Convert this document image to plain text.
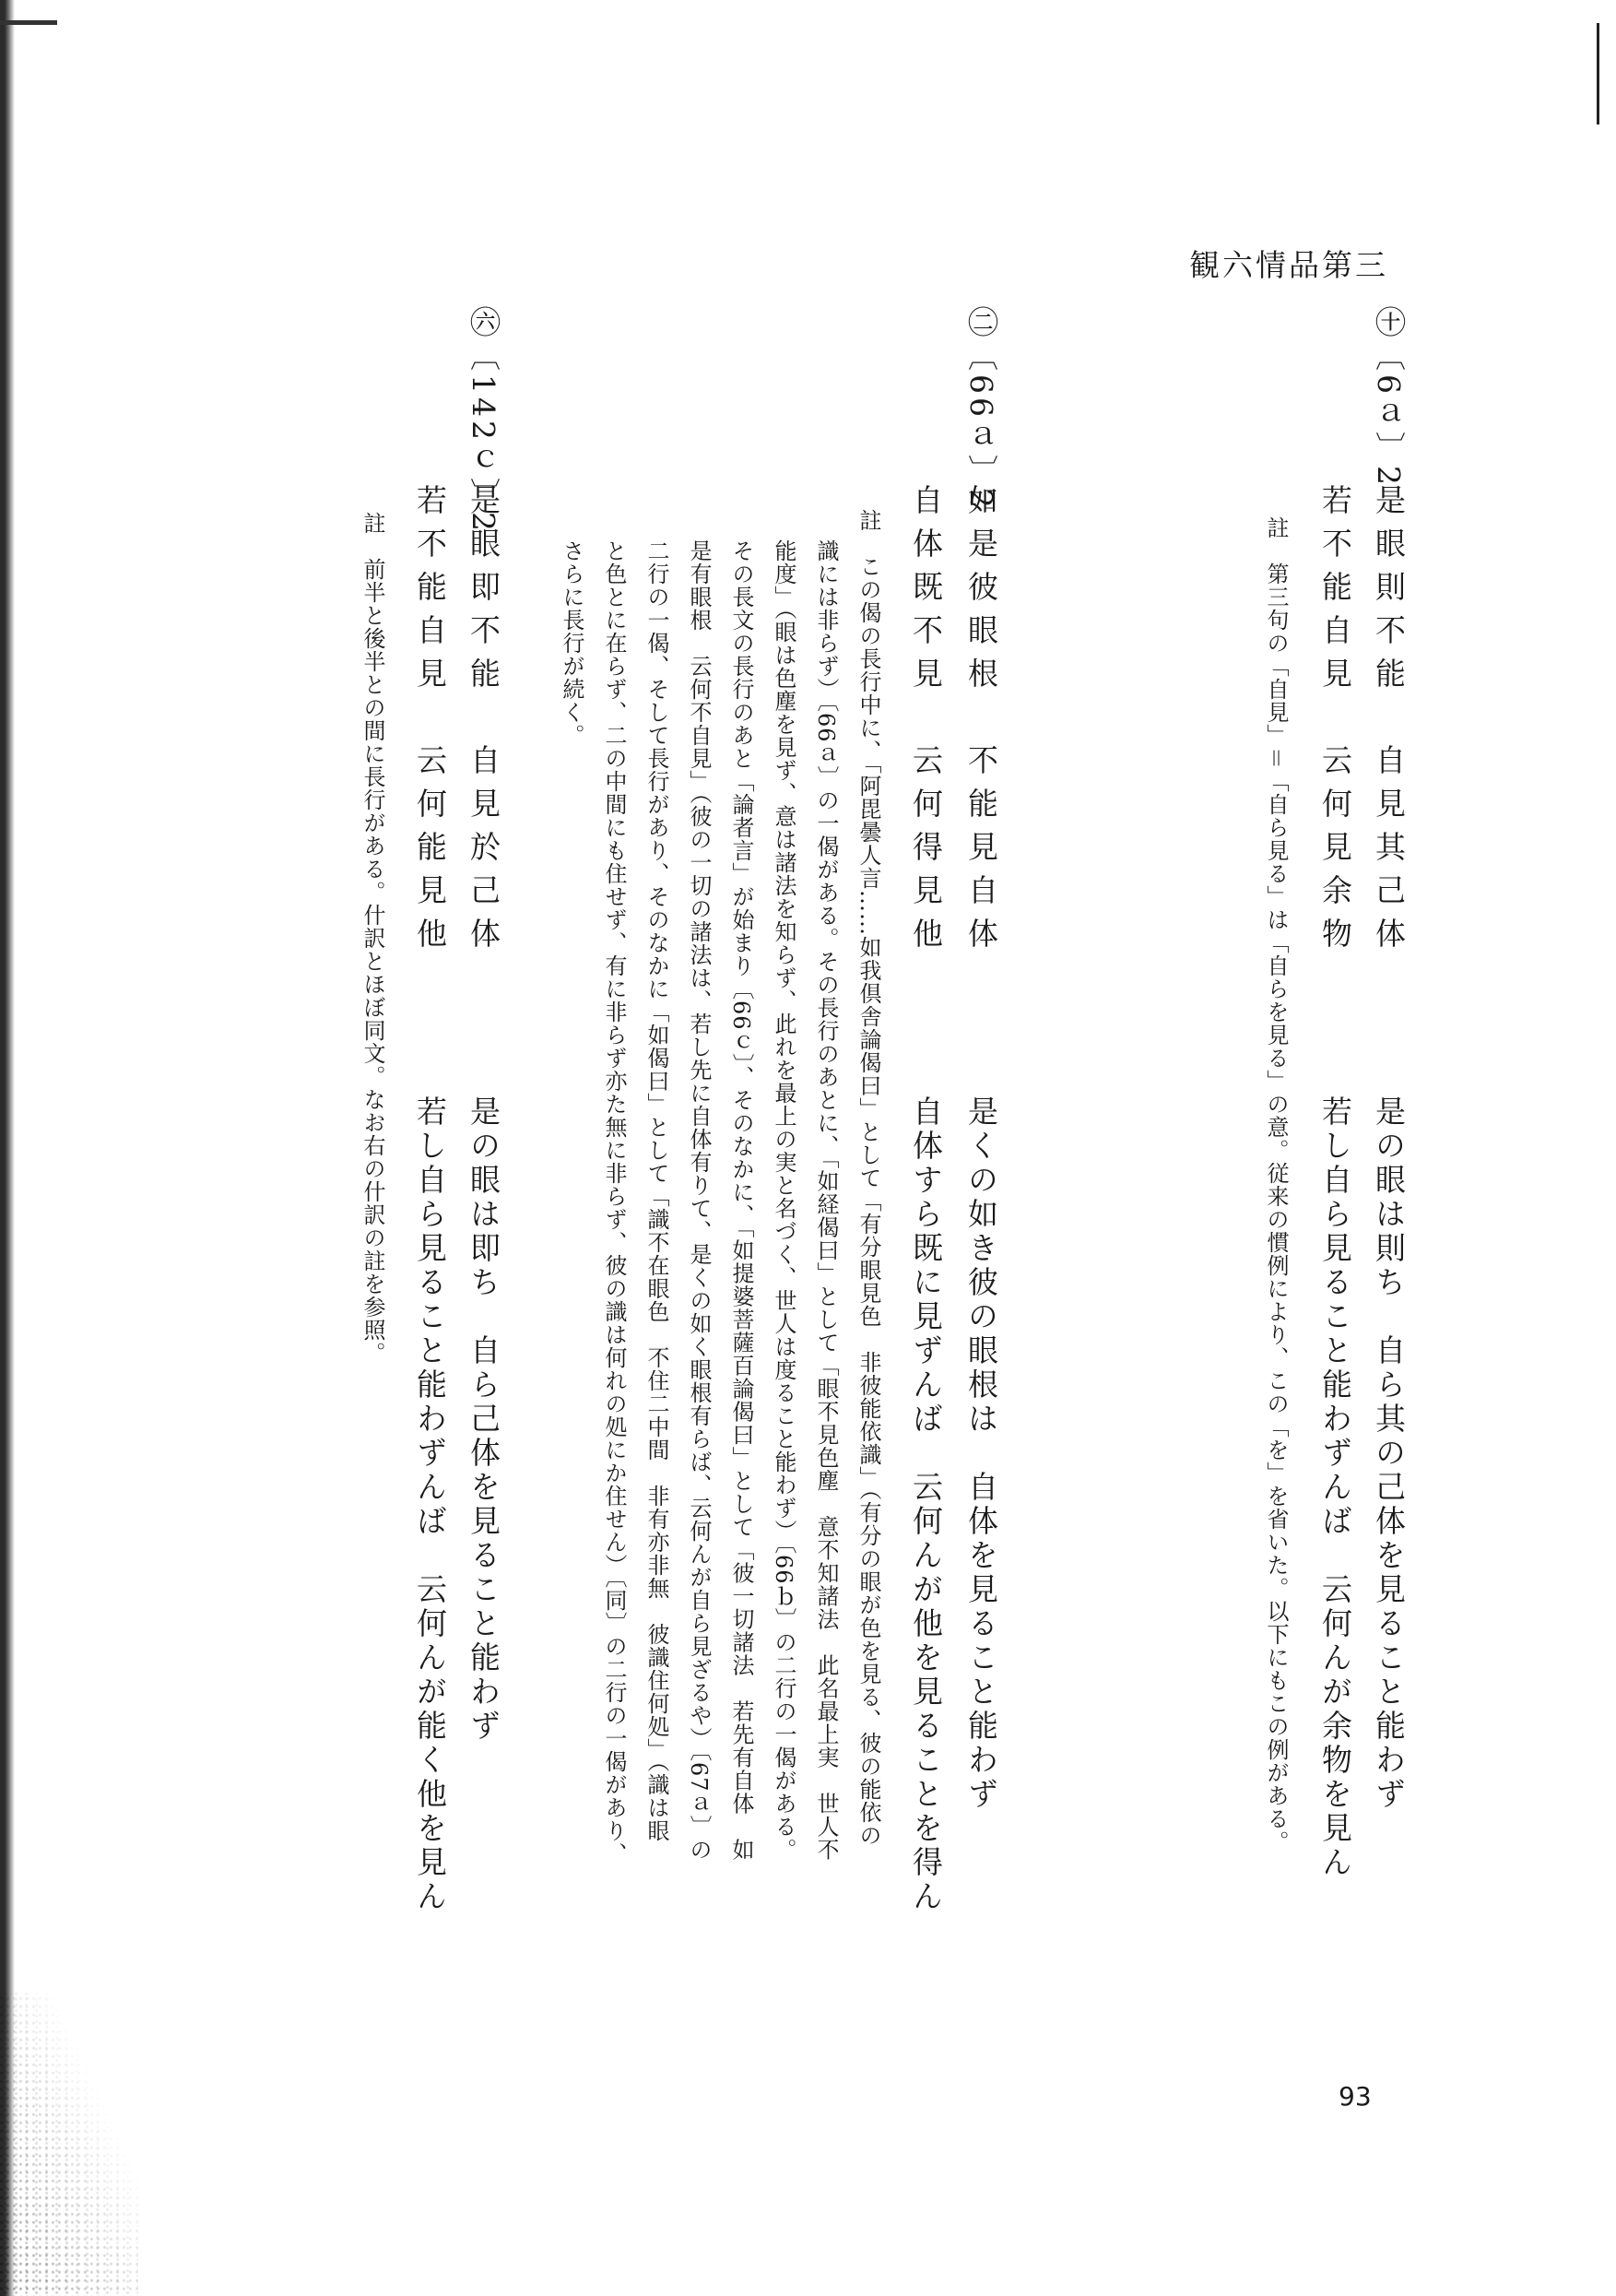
観六情品第三
㊉〔6ａ〕2
是眼則不能　自見其己体
若不能自見　云何見余物
是の眼は則ち　自ら其の己体を見ること能わず
若し自ら見ること能わずんば　云何んが余物を見ん
註　第三句の「自見」＝「自ら見る」は「自らを見る」の意。従来の慣例により、この「を」を省いた。以下にもこの例がある。
㊁〔66ａ〕2
如是彼眼根　不能見自体
自体既不見　云何得見他
是くの如き彼の眼根は　自体を見ること能わず
自体すら既に見ずんば　云何んが他を見ることを得ん
註　この偈の長行中に、「阿毘曇人言……如我倶舎論偈曰」として「有分眼見色　非彼能依識」（有分の眼が色を見る、彼の能依の
識には非らず）〔66ａ〕の一偈がある。その長行のあとに、「如経偈曰」として「眼不見色塵　意不知諸法　此名最上実　世人不
能度」（眼は色塵を見ず、意は諸法を知らず、此れを最上の実と名づく、世人は度ること能わず）〔66ｂ〕の二行の一偈がある。
その長文の長行のあと「論者言」が始まり〔66ｃ〕、そのなかに、「如提婆菩薩百論偈曰」として「彼一切諸法　若先有自体　如
是有眼根　云何不自見」（彼の一切の諸法は、若し先に自体有りて、是くの如く眼根有らば、云何んが自ら見ざるや）〔67ａ〕の
二行の一偈、そして長行があり、そのなかに「如偈曰」として「識不在眼色　不住二中間　非有亦非無　彼識住何処」（識は眼
と色とに在らず、二の中間にも住せず、有に非らず亦た無に非らず、彼の識は何れの処にか住せん）〔同〕の二行の一偈があり、
さらに長行が続く。
㊅〔142ｃ〕2
是眼即不能　自見於己体
若不能自見　云何能見他
是の眼は即ち　自ら己体を見ること能わず
若し自ら見ること能わずんば　云何んが能く他を見ん
註　前半と後半との間に長行がある。什訳とほぼ同文。なお右の什訳の註を参照。
93
